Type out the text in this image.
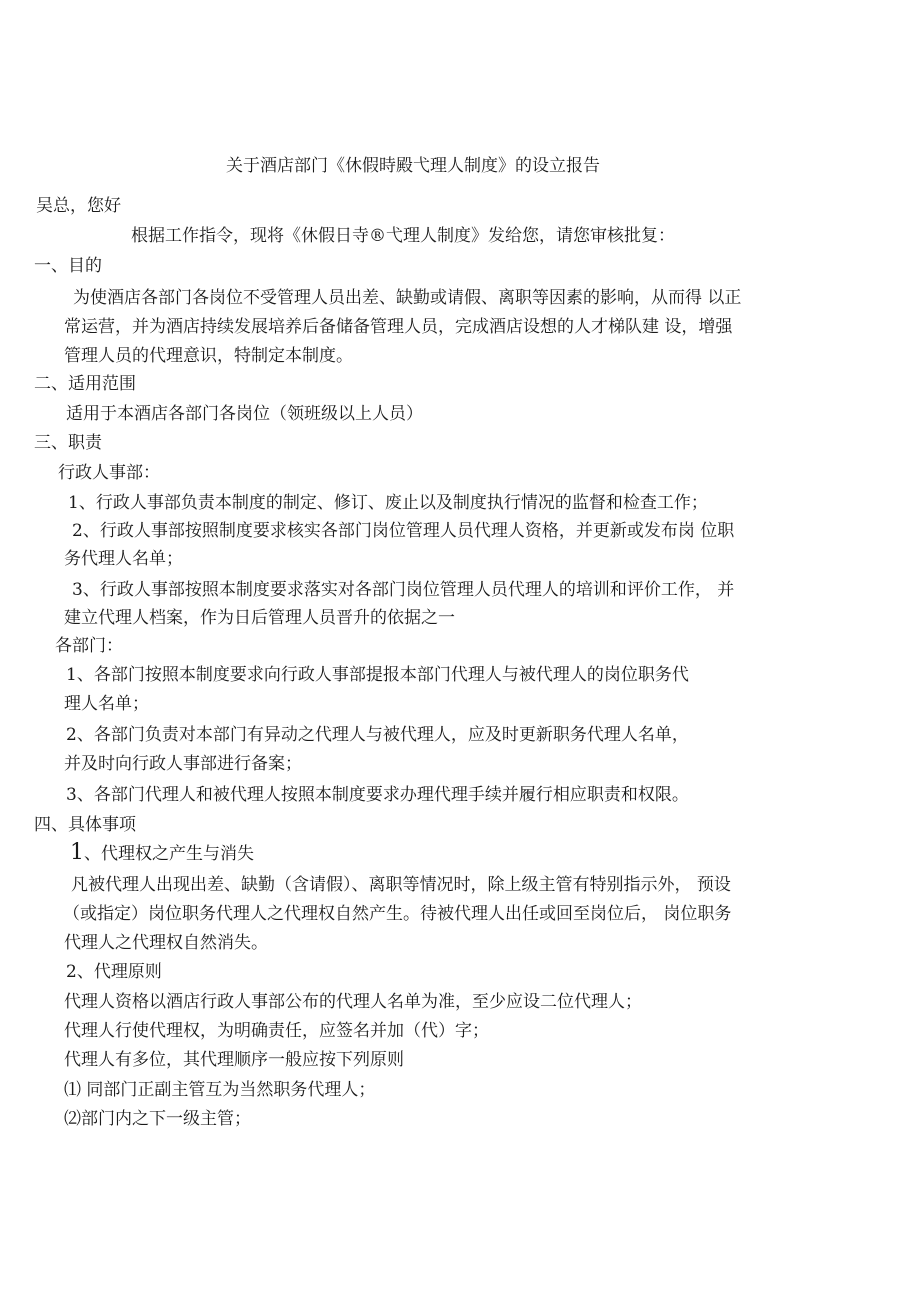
关于酒店部门《休假時殿弋理人制度》的设立报告
吴总，您好
根据工作指令，现将《休假日寺®弋理人制度》发给您，请您审核批复：
一、目的
为使酒店各部门各岗位不受管理人员出差、缺勤或请假、离职等因素的影响，从而得 以正
常运营，并为酒店持续发展培养后备储备管理人员，完成酒店设想的人才梯队建 设，增强
管理人员的代理意识，特制定本制度。
二、适用范围
适用于本酒店各部门各岗位（领班级以上人员）
三、职责
行政人事部：
1、行政人事部负责本制度的制定、修订、废止以及制度执行情况的监督和检查工作；
2、行政人事部按照制度要求核实各部门岗位管理人员代理人资格，并更新或发布岗 位职
务代理人名单；
3、行政人事部按照本制度要求落实对各部门岗位管理人员代理人的培训和评价工作， 并
建立代理人档案，作为日后管理人员晋升的依据之一
各部门：
1、各部门按照本制度要求向行政人事部提报本部门代理人与被代理人的岗位职务代
理人名单；
2、各部门负责对本部门有异动之代理人与被代理人，应及时更新职务代理人名单，
并及时向行政人事部进行备案；
3、各部门代理人和被代理人按照本制度要求办理代理手续并履行相应职责和权限。
四、具体事项
1、代理权之产生与消失
凡被代理人出现出差、缺勤（含请假）、离职等情况时，除上级主管有特别指示外， 预设
（或指定）岗位职务代理人之代理权自然产生。待被代理人出任或回至岗位后， 岗位职务
代理人之代理权自然消失。
2、代理原则
代理人资格以酒店行政人事部公布的代理人名单为准，至少应设二位代理人；
代理人行使代理权，为明确责任，应签名并加（代）字；
代理人有多位，其代理顺序一般应按下列原则
⑴ 同部门正副主管互为当然职务代理人；
⑵部门内之下一级主管；
